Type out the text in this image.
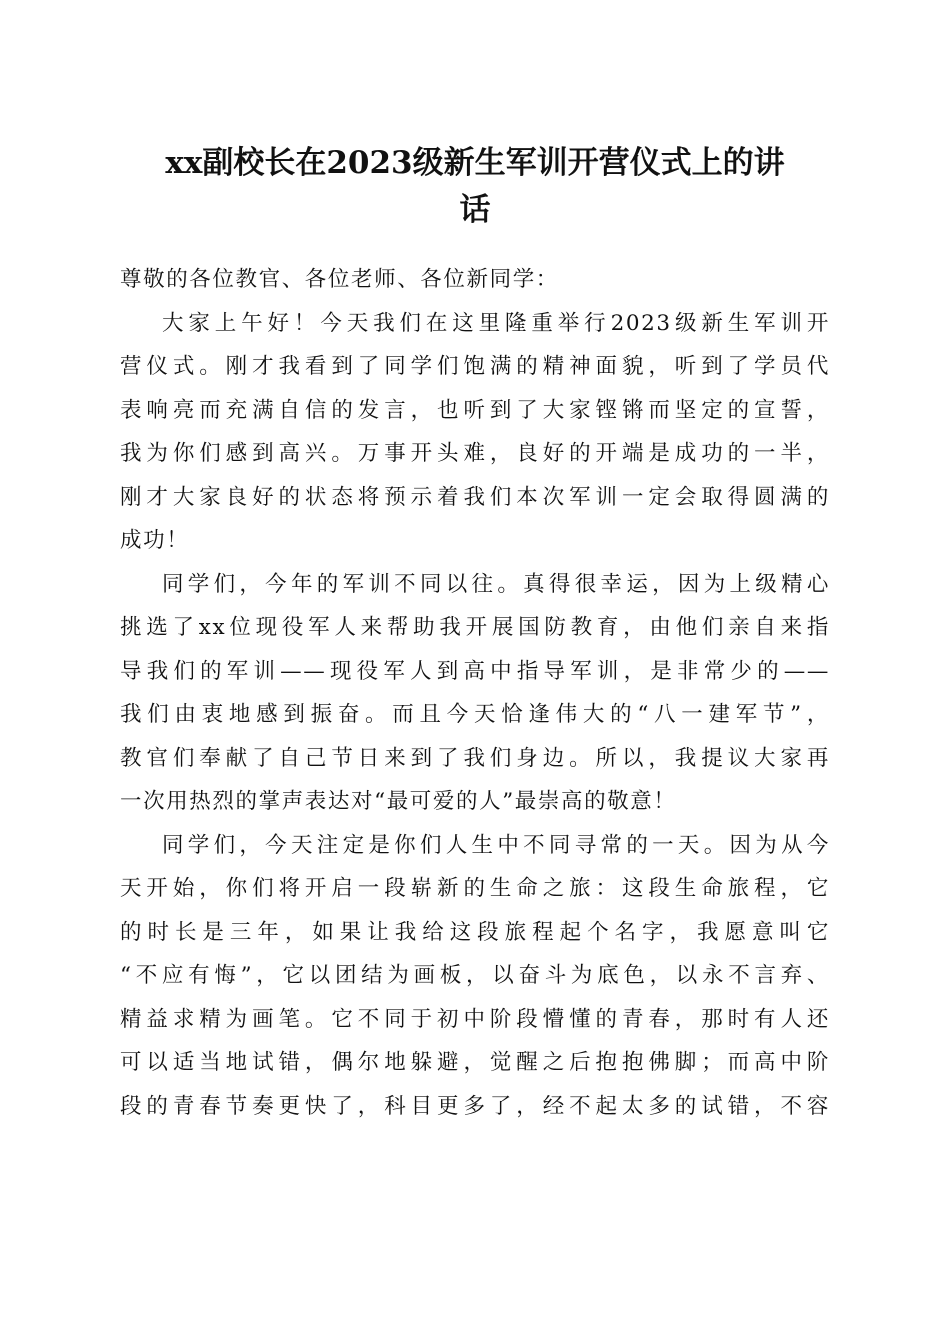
xx副校长在2023级新生军训开营仪式上的讲
话
尊敬的各位教官、各位老师、各位新同学：
大家上午好！今天我们在这里隆重举行2023级新生军训开
营仪式。刚才我看到了同学们饱满的精神面貌，听到了学员代
表响亮而充满自信的发言，也听到了大家铿锵而坚定的宣誓，
我为你们感到高兴。万事开头难，良好的开端是成功的一半，
刚才大家良好的状态将预示着我们本次军训一定会取得圆满的
成功！
同学们，今年的军训不同以往。真得很幸运，因为上级精心
挑选了xx位现役军人来帮助我开展国防教育，由他们亲自来指
导我们的军训——现役军人到高中指导军训，是非常少的——
我们由衷地感到振奋。而且今天恰逢伟大的“八一建军节”，
教官们奉献了自己节日来到了我们身边。所以，我提议大家再
一次用热烈的掌声表达对“最可爱的人”最崇高的敬意！
同学们，今天注定是你们人生中不同寻常的一天。因为从今
天开始，你们将开启一段崭新的生命之旅：这段生命旅程，它
的时长是三年，如果让我给这段旅程起个名字，我愿意叫它
“不应有悔”，它以团结为画板，以奋斗为底色，以永不言弃、
精益求精为画笔。它不同于初中阶段懵懂的青春，那时有人还
可以适当地试错，偶尔地躲避，觉醒之后抱抱佛脚；而高中阶
段的青春节奏更快了，科目更多了，经不起太多的试错，不容
